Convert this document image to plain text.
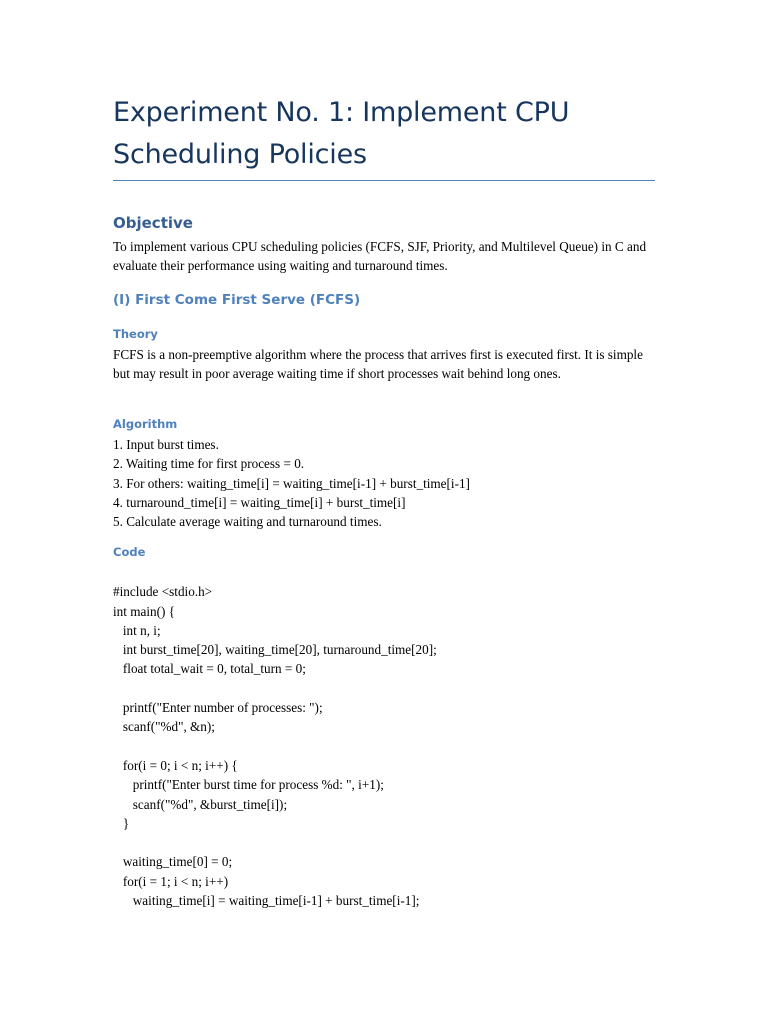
Experiment No. 1: Implement CPU Scheduling Policies
Objective

To implement various CPU scheduling policies (FCFS, SJF, Priority, and Multilevel Queue) in C and evaluate their performance using waiting and turnaround times.

(I) First Come First Serve (FCFS)
Theory

FCFS is a non-preemptive algorithm where the process that arrives first is executed first. It is simple but may result in poor average waiting time if short processes wait behind long ones.

Algorithm
1. Input burst times.
2. Waiting time for first process = 0.
3. For others: waiting_time[i] = waiting_time[i-1] + burst_time[i-1]
4. turnaround_time[i] = waiting_time[i] + burst_time[i]
5. Calculate average waiting and turnaround times.
Code
#include <stdio.h>
int main() {
int n, i;
int burst_time[20], waiting_time[20], turnaround_time[20];
float total_wait = 0, total_turn = 0;
printf("Enter number of processes: ");
scanf("%d", &n);
for(i = 0; i < n; i++) {
printf("Enter burst time for process %d: ", i+1);
scanf("%d", &burst_time[i]);
}
waiting_time[0] = 0;
for(i = 1; i < n; i++)
waiting_time[i] = waiting_time[i-1] + burst_time[i-1];
